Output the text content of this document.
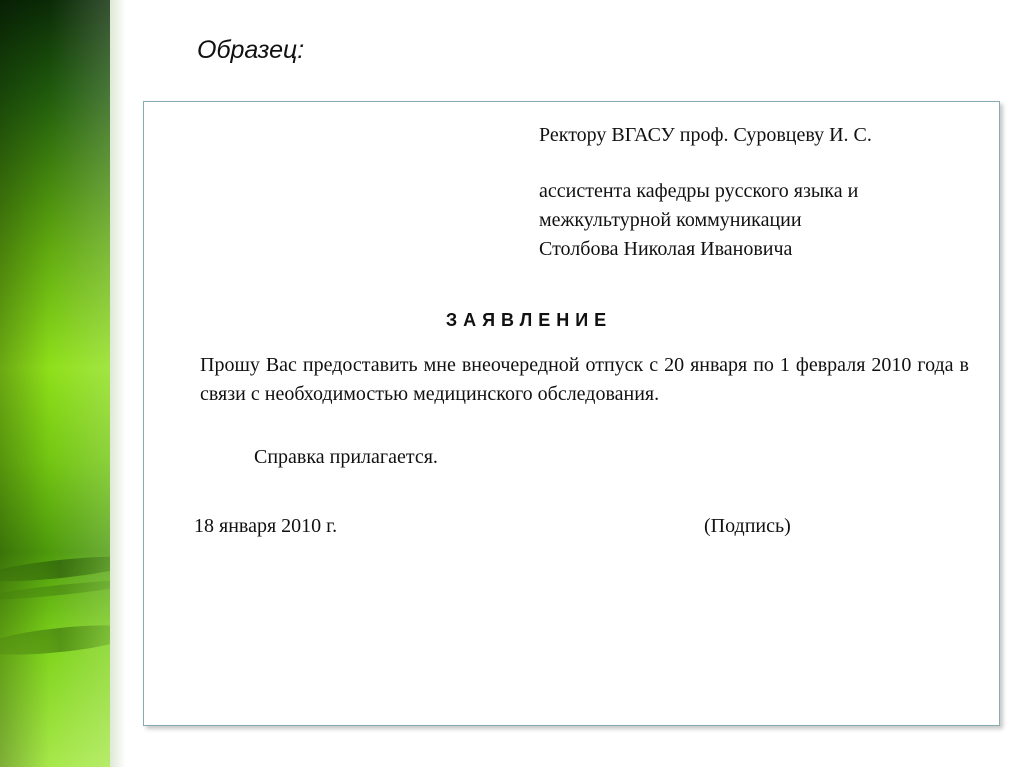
Образец:

Ректору ВГАСУ проф. Суровцеву И. С.

ассистента кафедры русского языка и

межкультурной коммуникации

Столбова Николая Ивановича

ЗАЯВЛЕНИЕ

Прошу Вас предоставить мне внеочередной отпуск с 20 января по 1 февраля 2010 года в связи с необходимостью медицинского обследования.

Справка прилагается.

18 января 2010 г.	(Подпись)
